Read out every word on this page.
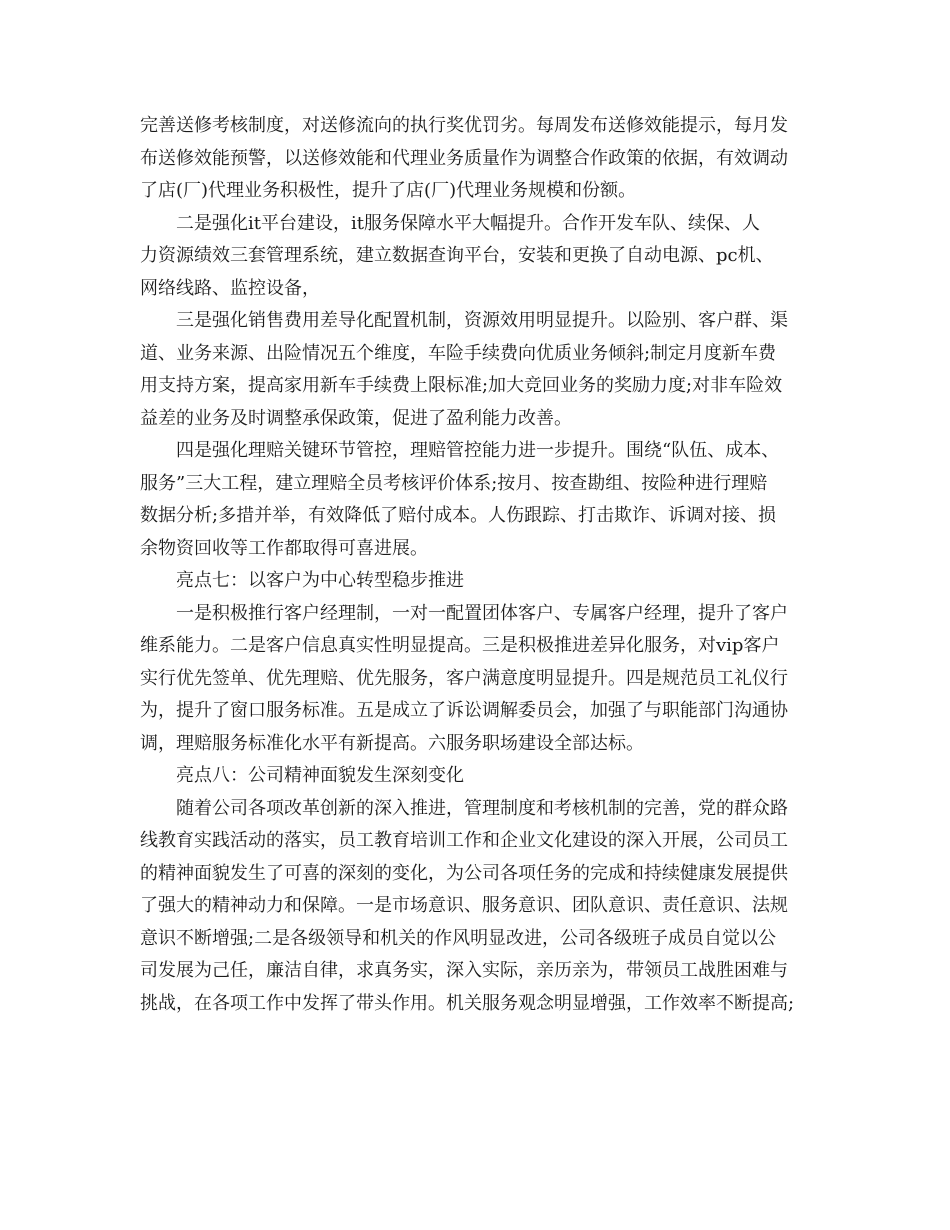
完善送修考核制度，对送修流向的执行奖优罚劣。每周发布送修效能提示，每月发
布送修效能预警，以送修效能和代理业务质量作为调整合作政策的依据，有效调动
了店(厂)代理业务积极性，提升了店(厂)代理业务规模和份额。
二是强化it平台建设，it服务保障水平大幅提升。合作开发车队、续保、人
力资源绩效三套管理系统，建立数据查询平台，安装和更换了自动电源、pc机、
网络线路、监控设备，
三是强化销售费用差导化配置机制，资源效用明显提升。以险别、客户群、渠
道、业务来源、出险情况五个维度，车险手续费向优质业务倾斜;制定月度新车费
用支持方案，提高家用新车手续费上限标准;加大竞回业务的奖励力度;对非车险效
益差的业务及时调整承保政策，促进了盈利能力改善。
四是强化理赔关键环节管控，理赔管控能力进一步提升。围绕“队伍、成本、
服务”三大工程，建立理赔全员考核评价体系;按月、按查勘组、按险种进行理赔
数据分析;多措并举，有效降低了赔付成本。人伤跟踪、打击欺诈、诉调对接、损
余物资回收等工作都取得可喜进展。
亮点七：以客户为中心转型稳步推进
一是积极推行客户经理制，一对一配置团体客户、专属客户经理，提升了客户
维系能力。二是客户信息真实性明显提高。三是积极推进差异化服务，对vip客户
实行优先签单、优先理赔、优先服务，客户满意度明显提升。四是规范员工礼仪行
为，提升了窗口服务标准。五是成立了诉讼调解委员会，加强了与职能部门沟通协
调，理赔服务标准化水平有新提高。六服务职场建设全部达标。
亮点八：公司精神面貌发生深刻变化
随着公司各项改革创新的深入推进，管理制度和考核机制的完善，党的群众路
线教育实践活动的落实，员工教育培训工作和企业文化建设的深入开展，公司员工
的精神面貌发生了可喜的深刻的变化，为公司各项任务的完成和持续健康发展提供
了强大的精神动力和保障。一是市场意识、服务意识、团队意识、责任意识、法规
意识不断增强;二是各级领导和机关的作风明显改进，公司各级班子成员自觉以公
司发展为己任，廉洁自律，求真务实，深入实际，亲历亲为，带领员工战胜困难与
挑战，在各项工作中发挥了带头作用。机关服务观念明显增强，工作效率不断提高;
